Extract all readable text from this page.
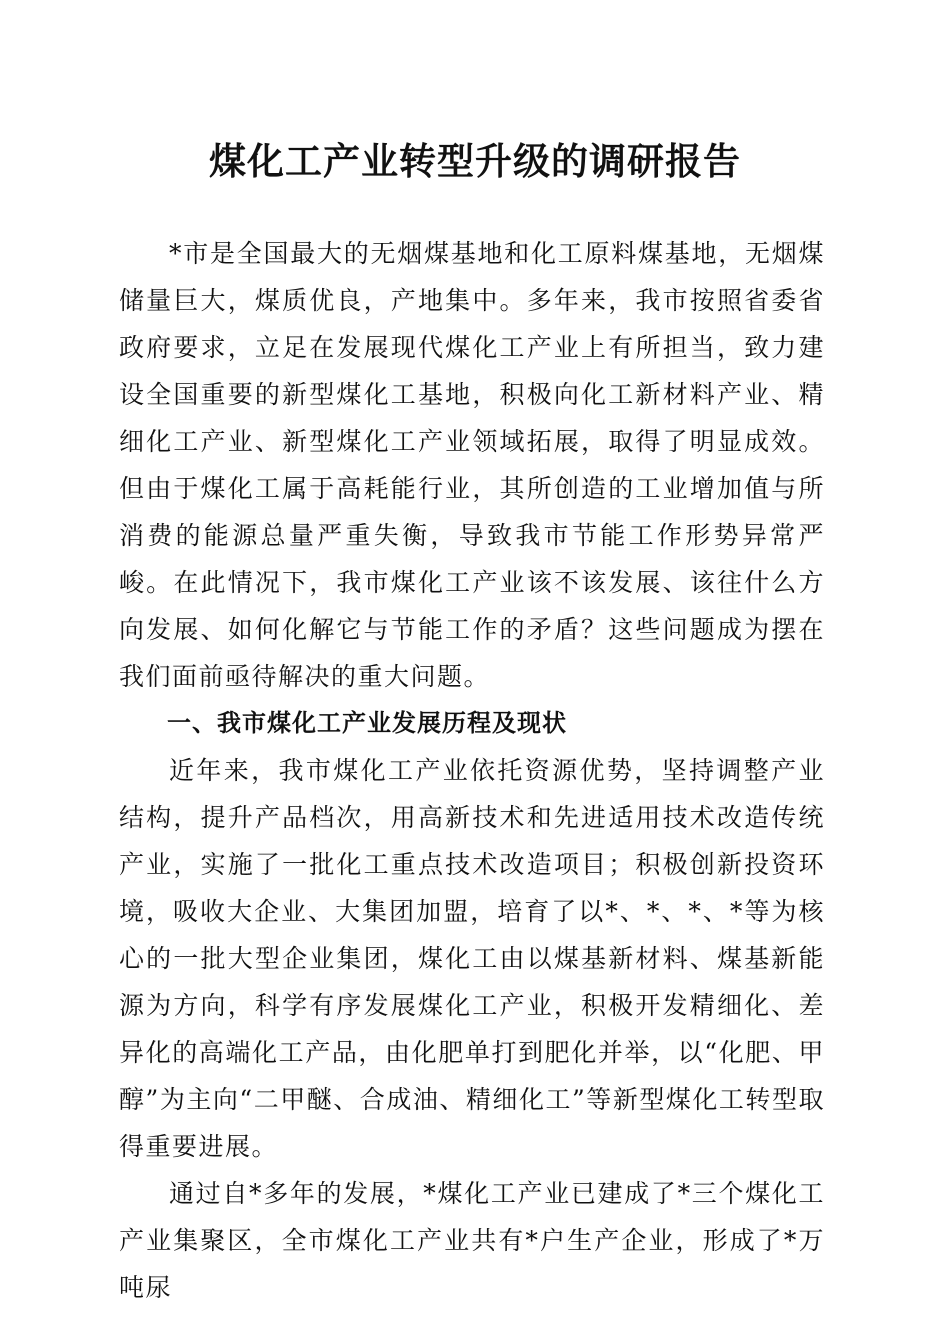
煤化工产业转型升级的调研报告

*市是全国最大的无烟煤基地和化工原料煤基地，无烟煤储量巨大，煤质优良，产地集中。多年来，我市按照省委省政府要求，立足在发展现代煤化工产业上有所担当，致力建设全国重要的新型煤化工基地，积极向化工新材料产业、精细化工产业、新型煤化工产业领域拓展，取得了明显成效。但由于煤化工属于高耗能行业，其所创造的工业增加值与所消费的能源总量严重失衡，导致我市节能工作形势异常严峻。在此情况下，我市煤化工产业该不该发展、该往什么方向发展、如何化解它与节能工作的矛盾？这些问题成为摆在我们面前亟待解决的重大问题。

一、我市煤化工产业发展历程及现状

近年来，我市煤化工产业依托资源优势，坚持调整产业结构，提升产品档次，用高新技术和先进适用技术改造传统产业，实施了一批化工重点技术改造项目；积极创新投资环境，吸收大企业、大集团加盟，培育了以*、*、*、*等为核心的一批大型企业集团，煤化工由以煤基新材料、煤基新能源为方向，科学有序发展煤化工产业，积极开发精细化、差异化的高端化工产品，由化肥单打到肥化并举，以“化肥、甲醇”为主向“二甲醚、合成油、精细化工”等新型煤化工转型取得重要进展。

通过自*多年的发展，*煤化工产业已建成了*三个煤化工产业集聚区，全市煤化工产业共有*户生产企业，形成了*万吨尿
